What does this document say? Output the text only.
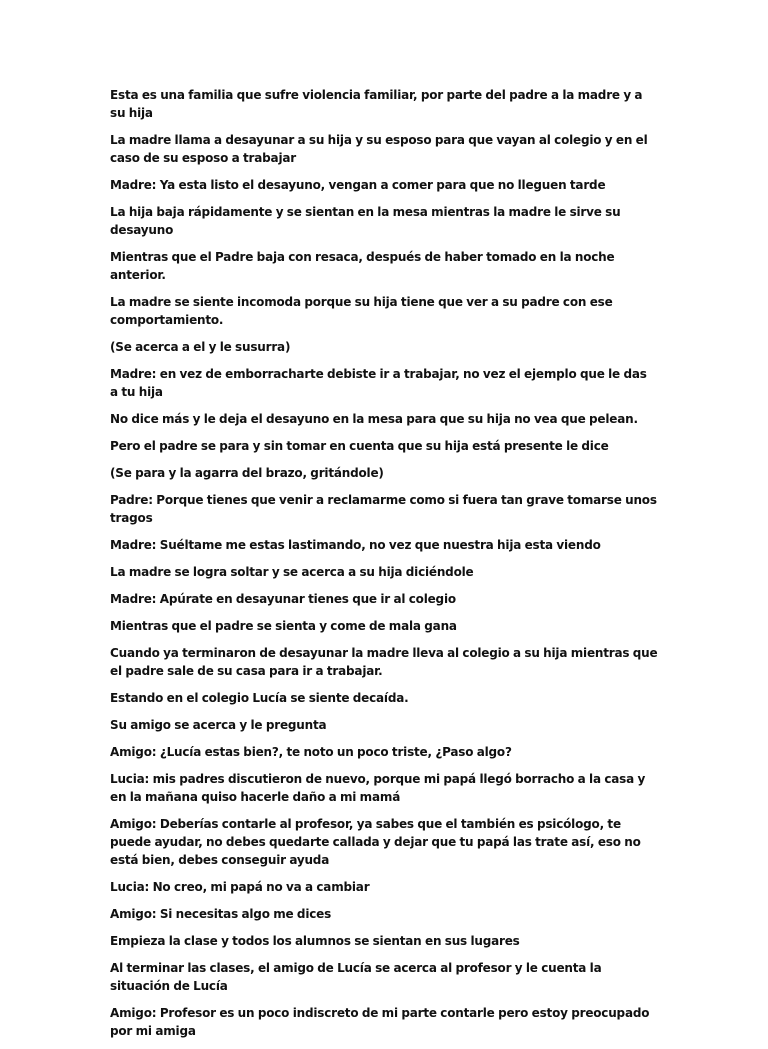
Esta es una familia que sufre violencia familiar, por parte del padre a la madre y a su hija

La madre llama a desayunar a su hija y su esposo para que vayan al colegio y en el caso de su esposo a trabajar

Madre: Ya esta listo el desayuno, vengan a comer para que no lleguen tarde

La hija baja rápidamente y se sientan en la mesa mientras la madre le sirve su desayuno

Mientras que el Padre baja con resaca, después de haber tomado en la noche anterior.

La madre se siente incomoda porque su hija tiene que ver a su padre con ese comportamiento.

(Se acerca a el y le susurra)

Madre: en vez de emborracharte debiste ir a trabajar, no vez el ejemplo que le das a tu hija

No dice más y le deja el desayuno en la mesa para que su hija no vea que pelean.

Pero el padre se para y sin tomar en cuenta que su hija está presente le dice

(Se para y la agarra del brazo, gritándole)

Padre: Porque tienes que venir a reclamarme como si fuera tan grave tomarse unos tragos

Madre: Suéltame me estas lastimando, no vez que nuestra hija esta viendo

La madre se logra soltar y se acerca a su hija diciéndole

Madre: Apúrate en desayunar tienes que ir al colegio

Mientras que el padre se sienta y come de mala gana

Cuando ya terminaron de desayunar la madre lleva al colegio a su hija mientras que el padre sale de su casa para ir a trabajar.

Estando en el colegio Lucía se siente decaída.

Su amigo se acerca y le pregunta

Amigo: ¿Lucía estas bien?, te noto un poco triste, ¿Paso algo?

Lucia: mis padres discutieron de nuevo, porque mi papá llegó borracho a la casa y en la mañana quiso hacerle daño a mi mamá

Amigo: Deberías contarle al profesor, ya sabes que el también es psicólogo, te puede ayudar, no debes quedarte callada y dejar que tu papá las trate así, eso no está bien, debes conseguir ayuda

Lucia: No creo, mi papá no va a cambiar

Amigo: Si necesitas algo me dices

Empieza la clase y todos los alumnos se sientan en sus lugares

Al terminar las clases, el amigo de Lucía se acerca al profesor y le cuenta la situación de Lucía

Amigo: Profesor es un poco indiscreto de mi parte contarle pero estoy preocupado por mi amiga
